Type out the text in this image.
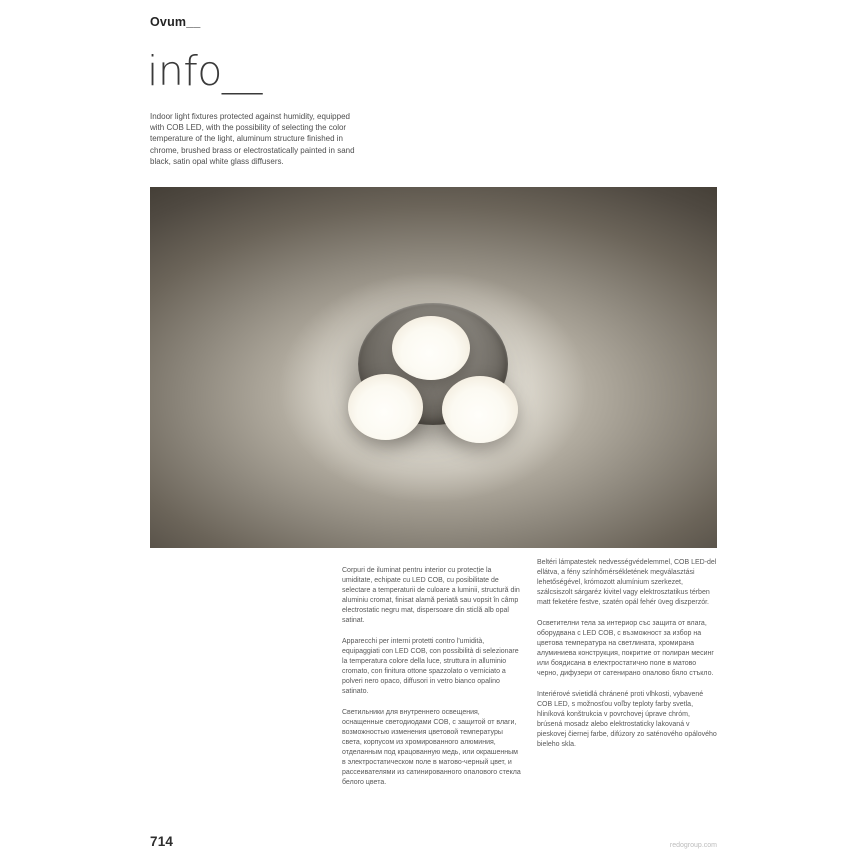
Ovum__
info__
Indoor light fixtures protected against humidity, equipped with COB LED, with the possibility of selecting the color temperature of the light, aluminum structure finished in chrome, brushed brass or electrostatically painted in sand black, satin opal white glass diffusers.

Corpuri de iluminat pentru interior cu protecție la umiditate, echipate cu LED COB, cu posibilitate de selectare a temperaturii de culoare a luminii, structură din aluminiu cromat, finisat alamă periată sau vopsit în câmp electrostatic negru mat, dispersoare din sticlă alb opal satinat.

Apparecchi per interni protetti contro l'umidità, equipaggiati con LED COB, con possibilità di selezionare la temperatura colore della luce, struttura in alluminio cromato, con finitura ottone spazzolato o verniciato a polveri nero opaco, diffusori in vetro bianco opalino satinato.

Светильники для внутреннего освещения, оснащенные светодиодами COB, с защитой от влаги, возможностью изменения цветовой температуры света, корпусом из хромированного алюминия, отделанным под крацованную медь, или окрашенным в электростатическом поле в матово-черный цвет, и рассеивателями из сатинированного опалового стекла белого цвета.

Beltéri lámpatestek nedvességvédelemmel, COB LED-del ellátva, a fény színhőmérsékletének megválasztási lehetőségével, krómozott alumínium szerkezet, szálcsiszolt sárgaréz kivitel vagy elektrosztatikus térben matt feketére festve, szatén opál fehér üveg diszperzór.

Осветителни тела за интериор със защита от влага, оборудвана с LED COB, с възможност за избор на цветова температура на светлината, хромирана алуминиева конструкция, покритие от полиран месинг или боядисана в електростатично поле в матово черно, дифузери от сатенирано опалово бяло стъкло.

Interiérové svietidlá chránené proti vlhkosti, vybavené COB LED, s možnosťou voľby teploty farby svetla, hliníková konštrukcia v povrchovej úprave chróm, brúsená mosadz alebo elektrostaticky lakovaná v pieskovej čiernej farbe, difúzory zo saténového opálového bieleho skla.

714	redogroup.com
